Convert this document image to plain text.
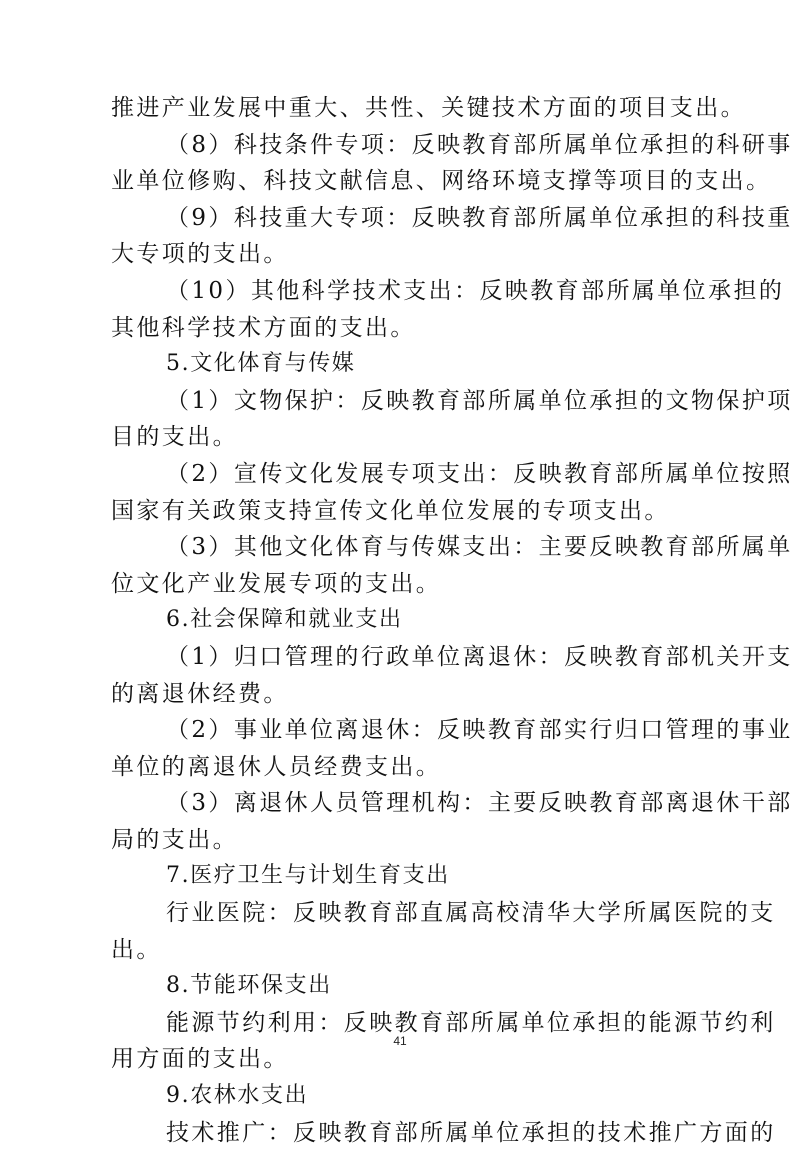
推进产业发展中重大、共性、关键技术方面的项目支出。
（8）科技条件专项：反映教育部所属单位承担的科研事
业单位修购、科技文献信息、网络环境支撑等项目的支出。
（9）科技重大专项：反映教育部所属单位承担的科技重
大专项的支出。
（10）其他科学技术支出：反映教育部所属单位承担的
其他科学技术方面的支出。
5.文化体育与传媒
（1）文物保护：反映教育部所属单位承担的文物保护项
目的支出。
（2）宣传文化发展专项支出：反映教育部所属单位按照
国家有关政策支持宣传文化单位发展的专项支出。
（3）其他文化体育与传媒支出：主要反映教育部所属单
位文化产业发展专项的支出。
6.社会保障和就业支出
（1）归口管理的行政单位离退休：反映教育部机关开支
的离退休经费。
（2）事业单位离退休：反映教育部实行归口管理的事业
单位的离退休人员经费支出。
（3）离退休人员管理机构：主要反映教育部离退休干部
局的支出。
7.医疗卫生与计划生育支出
行业医院：反映教育部直属高校清华大学所属医院的支
出。
8.节能环保支出
能源节约利用：反映教育部所属单位承担的能源节约利
用方面的支出。
9.农林水支出
技术推广：反映教育部所属单位承担的技术推广方面的
41
